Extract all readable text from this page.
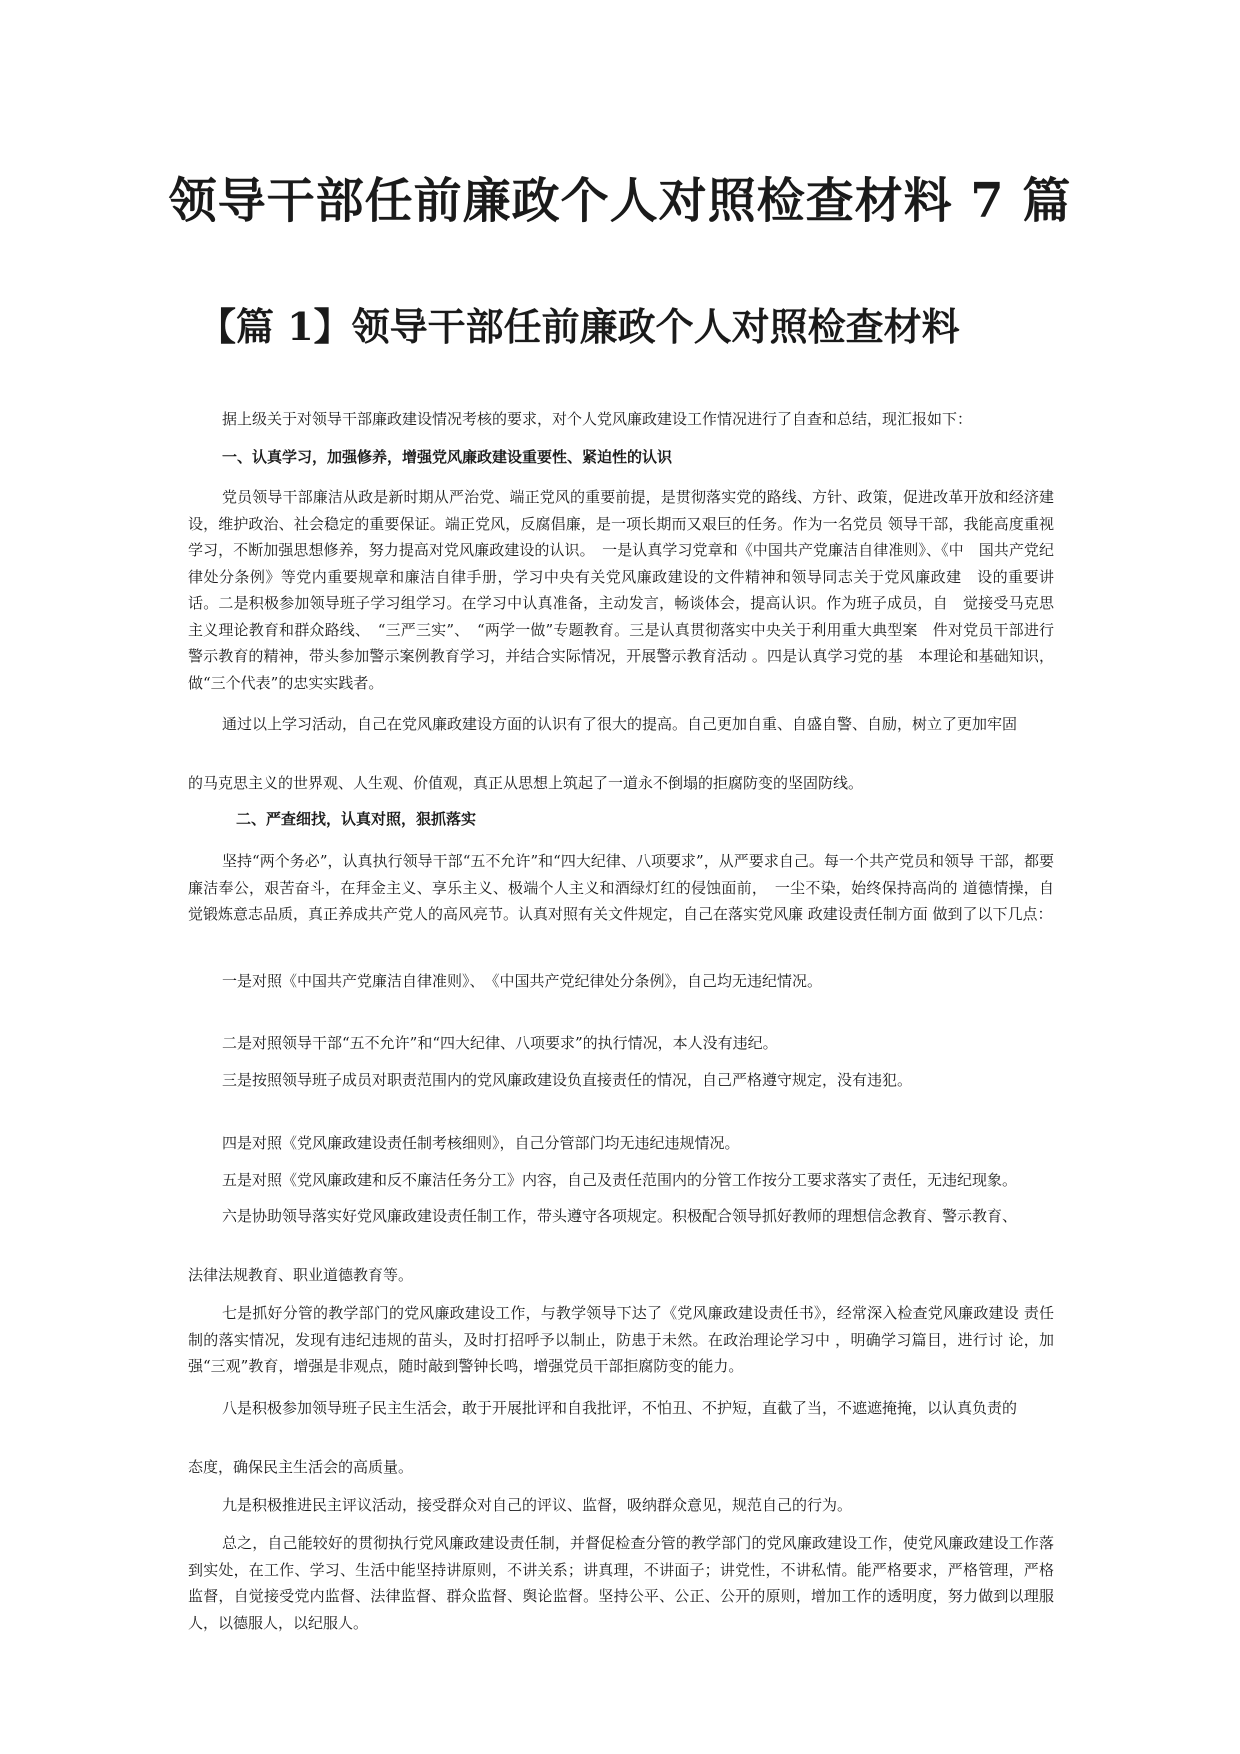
领导干部任前廉政个人对照检查材料 7 篇
【篇 1】领导干部任前廉政个人对照检查材料

据上级关于对领导干部廉政建设情况考核的要求，对个人党风廉政建设工作情况进行了自查和总结，现汇报如下：

一、认真学习，加强修养，增强党风廉政建设重要性、紧迫性的认识

党员领导干部廉洁从政是新时期从严治党、端正党风的重要前提，是贯彻落实党的路线、方针、政策，促进改革开放和经济建设，维护政治、社会稳定的重要保证。端正党风，反腐倡廉，是一项长期而又艰巨的任务。作为一名党员 领导干部，我能高度重视学习，不断加强思想修养，努力提高对党风廉政建设的认识。　一是认真学习党章和《中国共产党廉洁自律准则》、《中　国共产党纪律处分条例》等党内重要规章和廉洁自律手册，学习中央有关党风廉政建设的文件精神和领导同志关于党风廉政建　设的重要讲话。二是积极参加领导班子学习组学习。在学习中认真准备，主动发言，畅谈体会，提高认识。作为班子成员，自　觉接受马克思主义理论教育和群众路线、　“三严三实”、　“两学一做”专题教育。三是认真贯彻落实中央关于利用重大典型案　件对党员干部进行警示教育的精神，带头参加警示案例教育学习，并结合实际情况，开展警示教育活动 。四是认真学习党的基　本理论和基础知识，做“三个代表”的忠实实践者。

通过以上学习活动，自己在党风廉政建设方面的认识有了很大的提高。自己更加自重、自盛自警、自励，树立了更加牢固

的马克思主义的世界观、人生观、价值观，真正从思想上筑起了一道永不倒塌的拒腐防变的坚固防线。

二、严查细找，认真对照，狠抓落实

坚持“两个务必”，认真执行领导干部“五不允许”和“四大纪律、八项要求”，从严要求自己。每一个共产党员和领导 干部，都要廉洁奉公，艰苦奋斗，在拜金主义、享乐主义、极端个人主义和酒绿灯红的侵蚀面前，　一尘不染，始终保持高尚的 道德情操，自觉锻炼意志品质，真正养成共产党人的高风亮节。认真对照有关文件规定，自己在落实党风廉 政建设责任制方面 做到了以下几点：

一是对照《中国共产党廉洁自律准则》、　《中国共产党纪律处分条例》，自己均无违纪情况。

二是对照领导干部“五不允许”和“四大纪律、八项要求”的执行情况，本人没有违纪。

三是按照领导班子成员对职责范围内的党风廉政建设负直接责任的情况，自己严格遵守规定，没有违犯。

四是对照《党风廉政建设责任制考核细则》，自己分管部门均无违纪违规情况。

五是对照《党风廉政建和反不廉洁任务分工》内容，自己及责任范围内的分管工作按分工要求落实了责任，无违纪现象。

六是协助领导落实好党风廉政建设责任制工作，带头遵守各项规定。积极配合领导抓好教师的理想信念教育、警示教育、

法律法规教育、职业道德教育等。

七是抓好分管的教学部门的党风廉政建设工作，与教学领导下达了《党风廉政建设责任书》，经常深入检查党风廉政建设 责任制的落实情况，发现有违纪违规的苗头，及时打招呼予以制止，防患于未然。在政治理论学习中 ，明确学习篇目，进行讨 论，加强“三观”教育，增强是非观点，随时敲到警钟长鸣，增强党员干部拒腐防变的能力。

八是积极参加领导班子民主生活会，敢于开展批评和自我批评，不怕丑、不护短，直截了当，不遮遮掩掩，以认真负责的

态度，确保民主生活会的高质量。

九是积极推进民主评议活动，接受群众对自己的评议、监督，吸纳群众意见，规范自己的行为。

总之，自己能较好的贯彻执行党风廉政建设责任制，并督促检查分管的教学部门的党风廉政建设工作，使党风廉政建设工作落到实处，在工作、学习、生活中能坚持讲原则，不讲关系；讲真理，不讲面子；讲党性，不讲私情。能严格要求，严格管理，严格监督，自觉接受党内监督、法律监督、群众监督、舆论监督。坚持公平、公正、公开的原则，增加工作的透明度，努力做到以理服人，以德服人，以纪服人。
